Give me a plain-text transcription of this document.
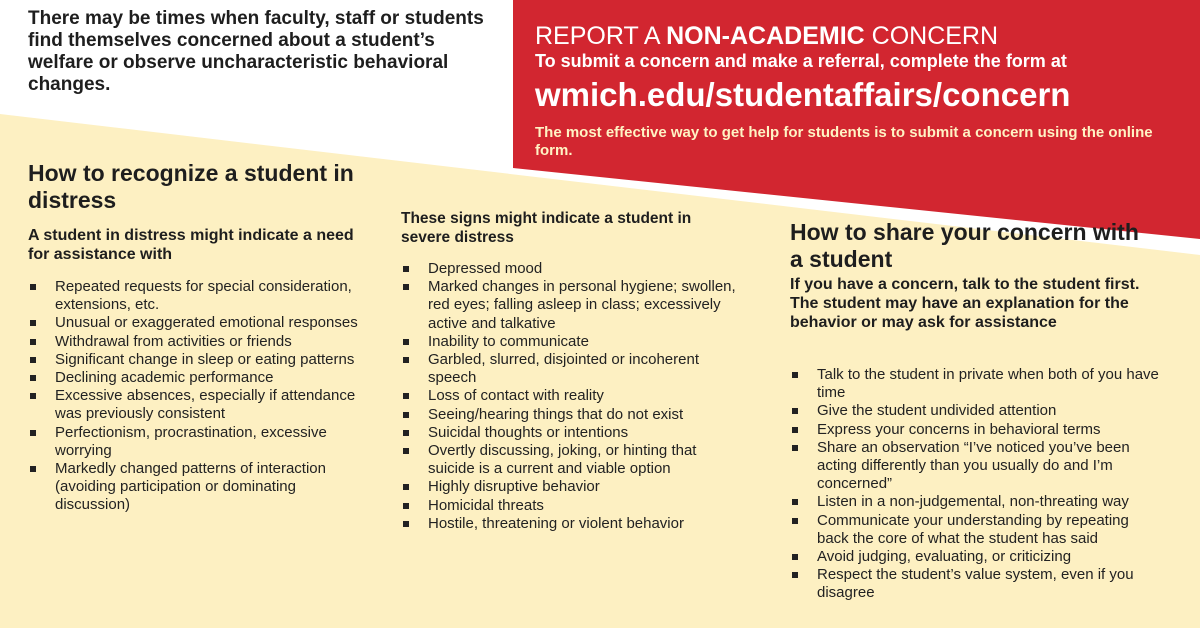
There may be times when faculty, staff or students find themselves concerned about a student’s welfare or observe uncharacteristic behavioral changes.
REPORT A NON-ACADEMIC CONCERN
To submit a concern and make a referral, complete the form at
wmich.edu/studentaffairs/concern
The most effective way to get help for students is to submit a concern using the online form.
How to recognize a student in distress
A student in distress might indicate a need for assistance with
Repeated requests for special consideration, extensions, etc.
Unusual or exaggerated emotional responses
Withdrawal from activities or friends
Significant change in sleep or eating patterns
Declining academic performance
Excessive absences, especially if attendance was previously consistent
Perfectionism, procrastination, excessive worrying
Markedly changed patterns of interaction (avoiding participation or dominating discussion)
These signs might indicate a student in severe distress
Depressed mood
Marked changes in personal hygiene; swollen, red eyes; falling asleep in class; excessively active and talkative
Inability to communicate
Garbled, slurred, disjointed or incoherent speech
Loss of contact with reality
Seeing/hearing things that do not exist
Suicidal thoughts or intentions
Overtly discussing, joking, or hinting that suicide is a current and viable option
Highly disruptive behavior
Homicidal threats
Hostile, threatening or violent behavior
How to share your concern with a student
If you have a concern, talk to the student first. The student may have an explanation for the behavior or may ask for assistance
Talk to the student in private when both of you have time
Give the student undivided attention
Express your concerns in behavioral terms
Share an observation “I’ve noticed you’ve been acting differently than you usually do and I’m concerned”
Listen in a non-judgemental, non-threating way
Communicate your understanding by repeating back the core of what the student has said
Avoid judging, evaluating, or criticizing
Respect the student’s value system, even if you disagree
